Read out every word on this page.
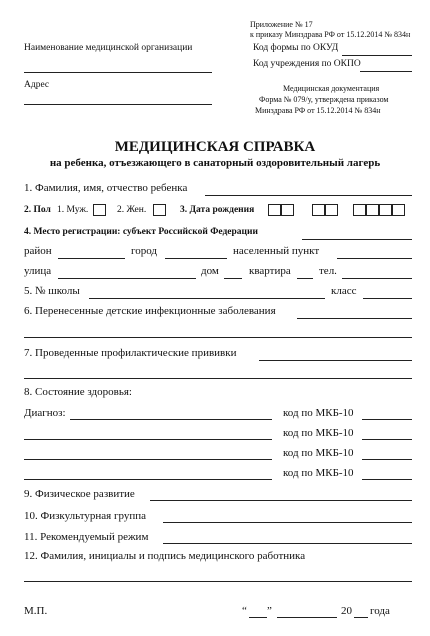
Приложение № 17
к приказу Минздрава РФ от 15.12.2014 № 834н
Наименование медицинской организации
Адрес
Код формы по ОКУД
Код учреждения по ОКПО
Медицинская документация
Форма № 079/у, утверждена приказом
Минздрава РФ от 15.12.2014 № 834н
МЕДИЦИНСКАЯ СПРАВКА
на ребенка, отъезжающего в санаторный оздоровительный лагерь
1. Фамилия, имя, отчество ребенка
2. Пол 1. Муж.	2. Жен.	3. Дата рождения
4. Место регистрации: субъект Российской Федерации
район	город	населенный пункт
улица	дом	квартира	тел.
5. № школы	класс
6. Перенесенные детские инфекционные заболевания
7. Проведенные профилактические прививки
8. Состояние здоровья:
Диагноз:	код по МКБ-10
код по МКБ-10
код по МКБ-10
код по МКБ-10
9. Физическое развитие
10. Физкультурная группа
11. Рекомендуемый режим
12. Фамилия, инициалы и подпись медицинского работника
М.П.	“ ”	20 года
